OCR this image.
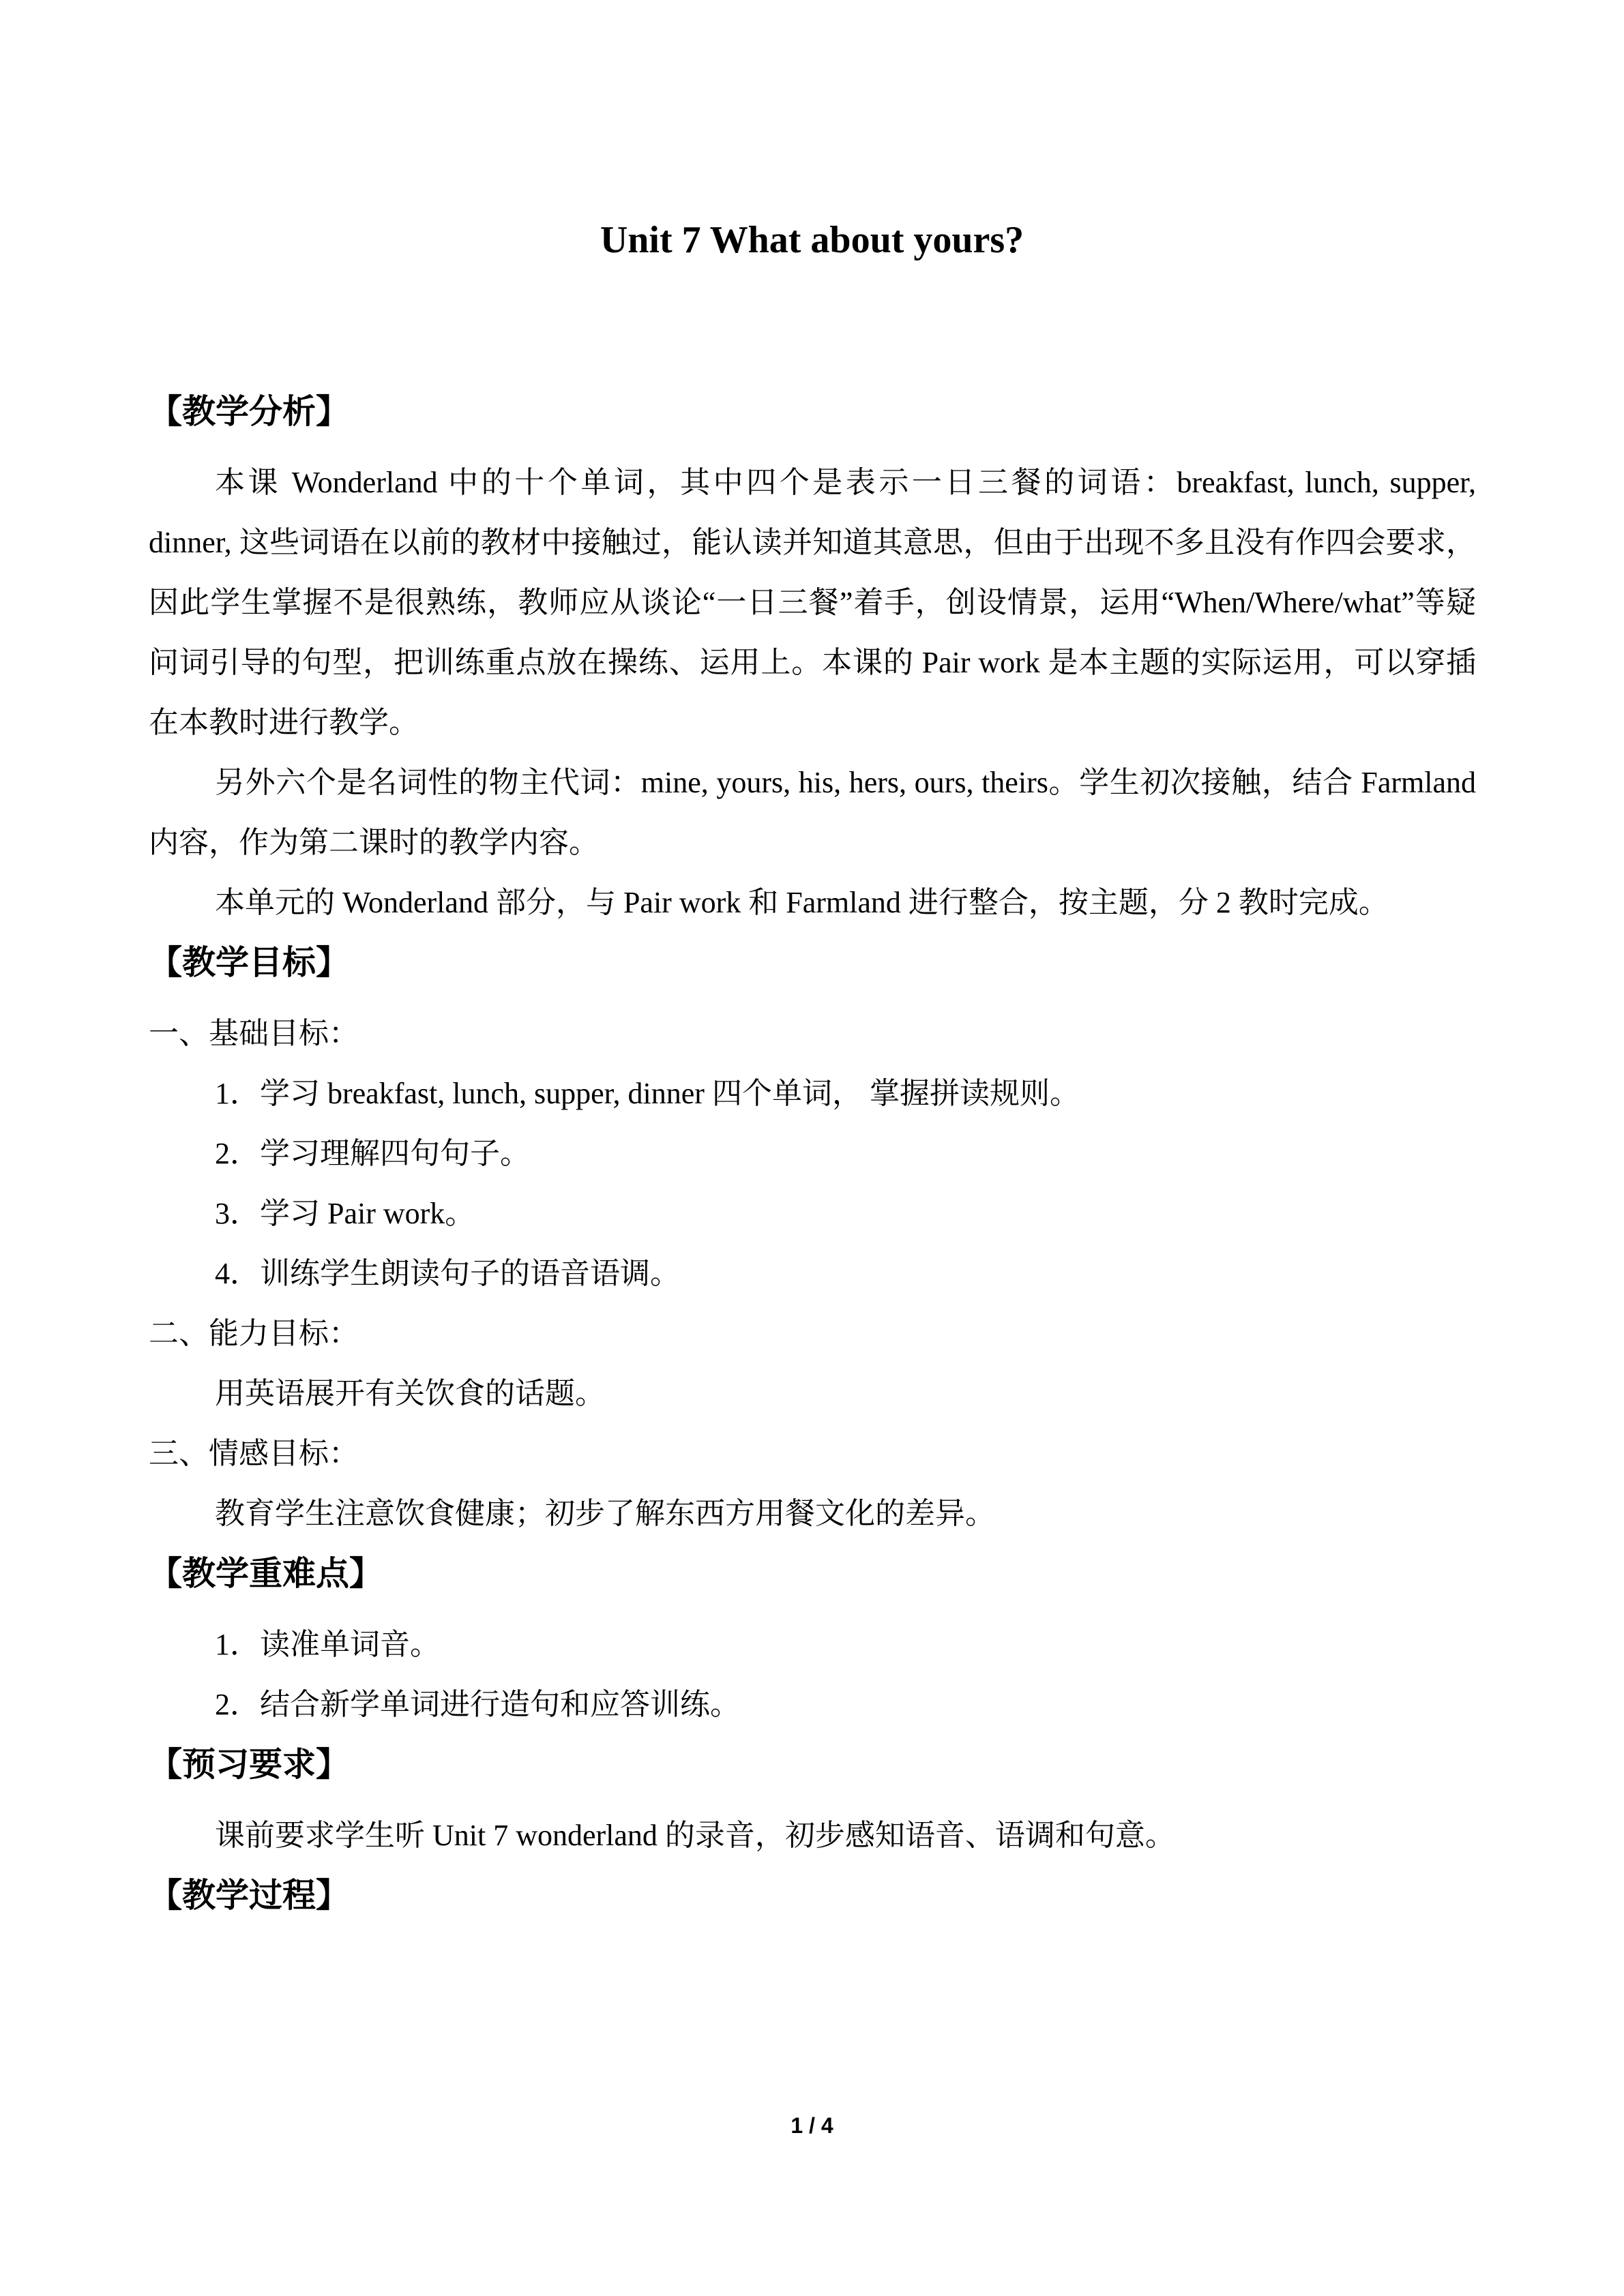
Unit 7 What about yours?

【教学分析】

本课 Wonderland 中的十个单词，其中四个是表示一日三餐的词语：breakfast, lunch, supper, dinner, 这些词语在以前的教材中接触过，能认读并知道其意思，但由于出现不多且没有作四会要求，因此学生掌握不是很熟练，教师应从谈论“一日三餐”着手，创设情景，运用“When/Where/what”等疑问词引导的句型，把训练重点放在操练、运用上。本课的 Pair work 是本主题的实际运用，可以穿插在本教时进行教学。

另外六个是名词性的物主代词：mine, yours, his, hers, ours, theirs。学生初次接触，结合 Farmland 内容，作为第二课时的教学内容。

本单元的 Wonderland 部分，与 Pair work 和 Farmland 进行整合，按主题，分 2 教时完成。

【教学目标】

一、基础目标：

1．学习 breakfast, lunch, supper, dinner 四个单词， 掌握拼读规则。

2．学习理解四句句子。

3．学习 Pair work。

4．训练学生朗读句子的语音语调。

二、能力目标：

用英语展开有关饮食的话题。

三、情感目标：

教育学生注意饮食健康；初步了解东西方用餐文化的差异。

【教学重难点】

1．读准单词音。

2．结合新学单词进行造句和应答训练。

【预习要求】

课前要求学生听 Unit 7 wonderland 的录音，初步感知语音、语调和句意。

【教学过程】

1 / 4
